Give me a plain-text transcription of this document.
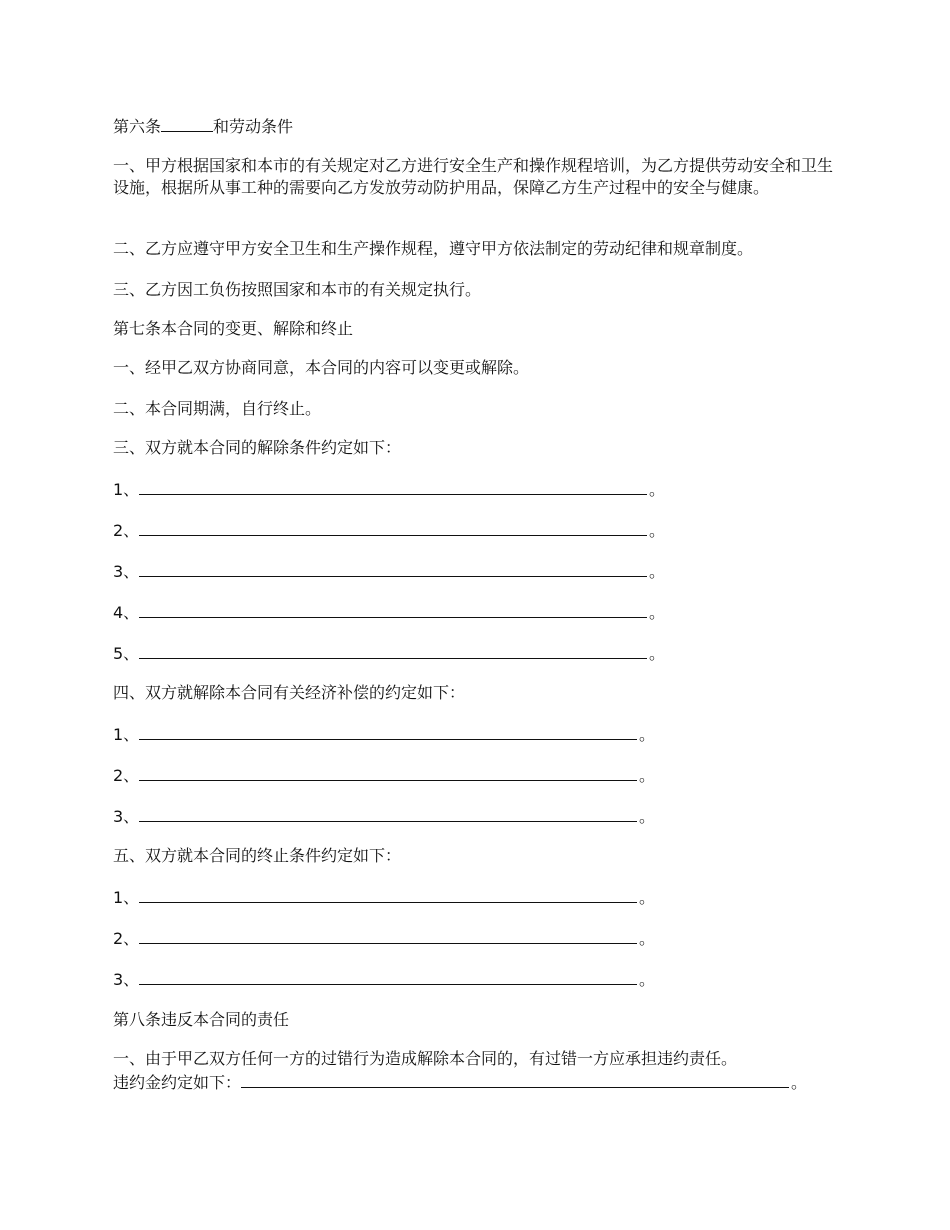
第六条	和劳动条件
一、甲方根据国家和本市的有关规定对乙方进行安全生产和操作规程培训，为乙方提供劳动安全和卫生设施，根据所从事工种的需要向乙方发放劳动防护用品，保障乙方生产过程中的安全与健康。
二、乙方应遵守甲方安全卫生和生产操作规程，遵守甲方依法制定的劳动纪律和规章制度。
三、乙方因工负伤按照国家和本市的有关规定执行。
第七条本合同的变更、解除和终止
一、经甲乙双方协商同意，本合同的内容可以变更或解除。
二、本合同期满，自行终止。
三、双方就本合同的解除条件约定如下：
1、	。
2、	。
3、	。
4、	。
5、	。
四、双方就解除本合同有关经济补偿的约定如下：
1、	。
2、	。
3、	。
五、双方就本合同的终止条件约定如下：
1、	。
2、	。
3、	。
第八条违反本合同的责任
一、由于甲乙双方任何一方的过错行为造成解除本合同的，有过错一方应承担违约责任。
违约金约定如下：	。
